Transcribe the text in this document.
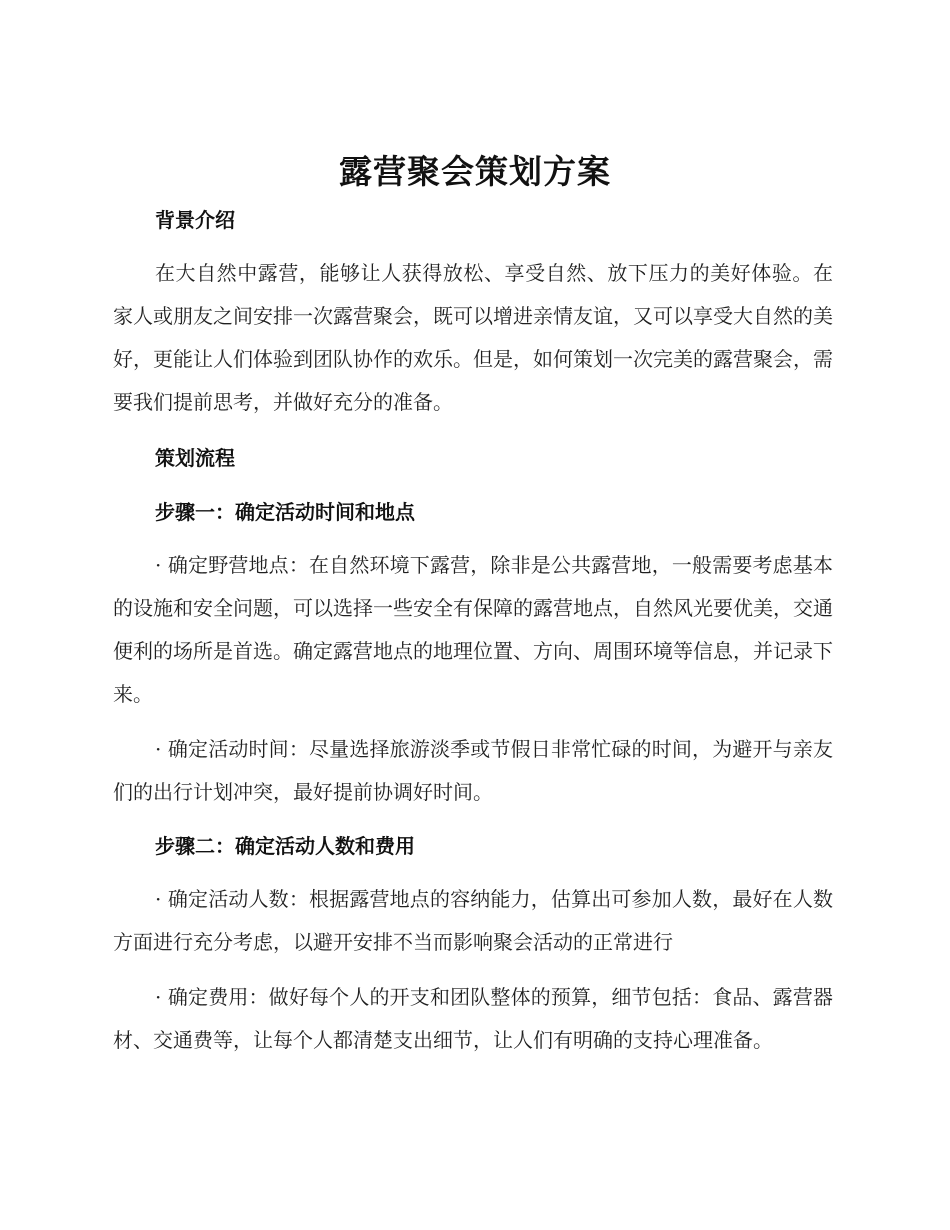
露营聚会策划方案

背景介绍

在大自然中露营，能够让人获得放松、享受自然、放下压力的美好体验。在家人或朋友之间安排一次露营聚会，既可以增进亲情友谊，又可以享受大自然的美好，更能让人们体验到团队协作的欢乐。但是，如何策划一次完美的露营聚会，需要我们提前思考，并做好充分的准备。

策划流程

步骤一：确定活动时间和地点

· 确定野营地点：在自然环境下露营，除非是公共露营地，一般需要考虑基本的设施和安全问题，可以选择一些安全有保障的露营地点，自然风光要优美，交通便利的场所是首选。确定露营地点的地理位置、方向、周围环境等信息，并记录下来。

· 确定活动时间：尽量选择旅游淡季或节假日非常忙碌的时间，为避开与亲友们的出行计划冲突，最好提前协调好时间。

步骤二：确定活动人数和费用

· 确定活动人数：根据露营地点的容纳能力，估算出可参加人数，最好在人数方面进行充分考虑，以避开安排不当而影响聚会活动的正常进行

· 确定费用：做好每个人的开支和团队整体的预算，细节包括：食品、露营器材、交通费等，让每个人都清楚支出细节，让人们有明确的支持心理准备。
